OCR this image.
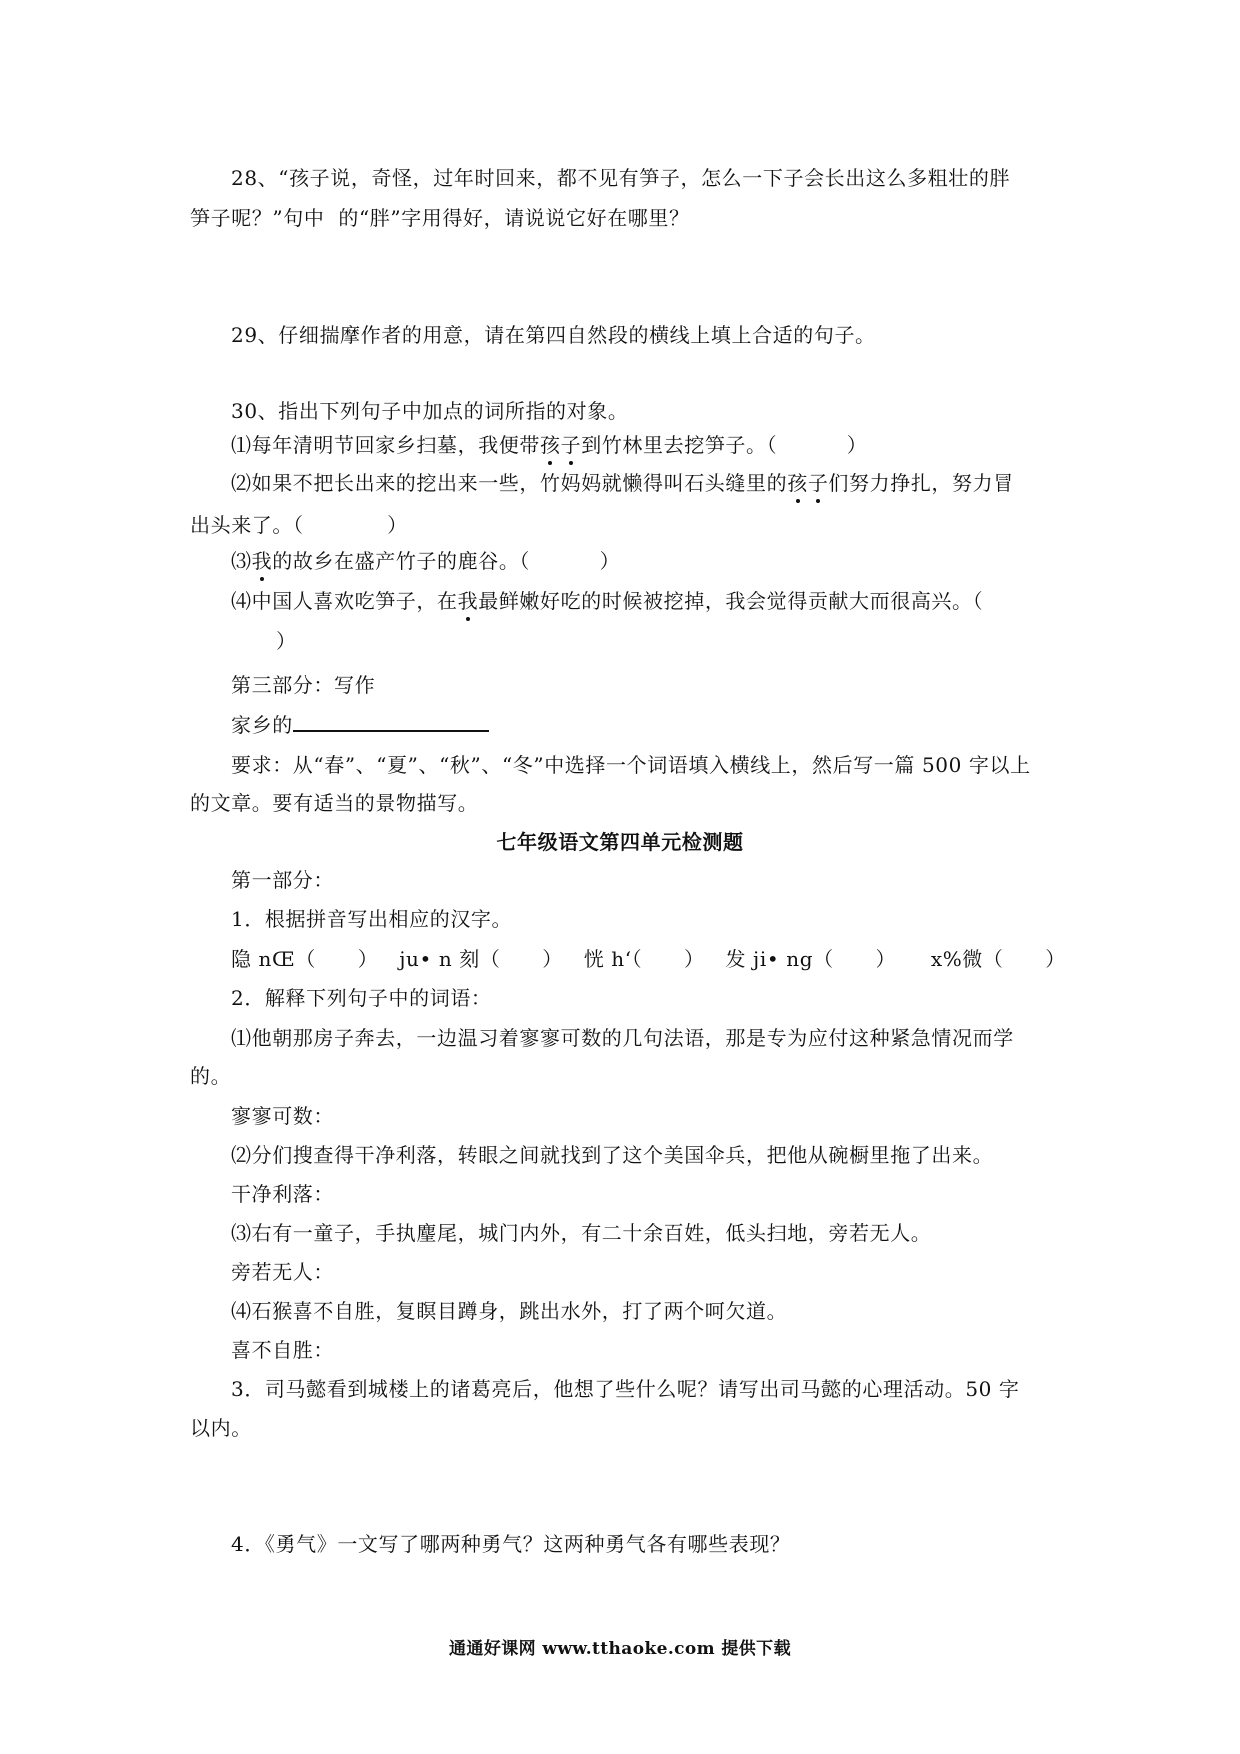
28、“孩子说，奇怪，过年时回来，都不见有笋子，怎么一下子会长出这么多粗壮的胖

笋子呢？”句中  的“胖”字用得好，请说说它好在哪里？

29、仔细揣摩作者的用意，请在第四自然段的横线上填上合适的句子。

30、指出下列句子中加点的词所指的对象。

⑴每年清明节回家乡扫墓，我便带孩子到竹林里去挖笋子。（          ）

⑵如果不把长出来的挖出来一些，竹妈妈就懒得叫石头缝里的孩子们努力挣扎，努力冒

出头来了。（            ）

⑶我的故乡在盛产竹子的鹿谷。（          ）

⑷中国人喜欢吃笋子，在我最鲜嫩好吃的时候被挖掉，我会觉得贡献大而很高兴。（

）

第三部分：写作

家乡的

要求：从“春”、“夏”、“秋”、“冬”中选择一个词语填入横线上，然后写一篇 500 字以上

的文章。要有适当的景物描写。

七年级语文第四单元检测题

第一部分：

1．根据拼音写出相应的汉字。

隐 nŒ（      ）   ju• n 刻（      ）   恍 h‘（      ）   发 ji• ng（      ）     x%微（      ）

2．解释下列句子中的词语：

⑴他朝那房子奔去，一边温习着寥寥可数的几句法语，那是专为应付这种紧急情况而学

的。

寥寥可数：

⑵分们搜查得干净利落，转眼之间就找到了这个美国伞兵，把他从碗橱里拖了出来。

干净利落：

⑶右有一童子，手执麈尾，城门内外，有二十余百姓，低头扫地，旁若无人。

旁若无人：

⑷石猴喜不自胜，复瞑目蹲身，跳出水外，打了两个呵欠道。

喜不自胜：

3．司马懿看到城楼上的诸葛亮后，他想了些什么呢？请写出司马懿的心理活动。50 字

以内。

4．《勇气》一文写了哪两种勇气？这两种勇气各有哪些表现？

通通好课网 www.tthaoke.com 提供下载
